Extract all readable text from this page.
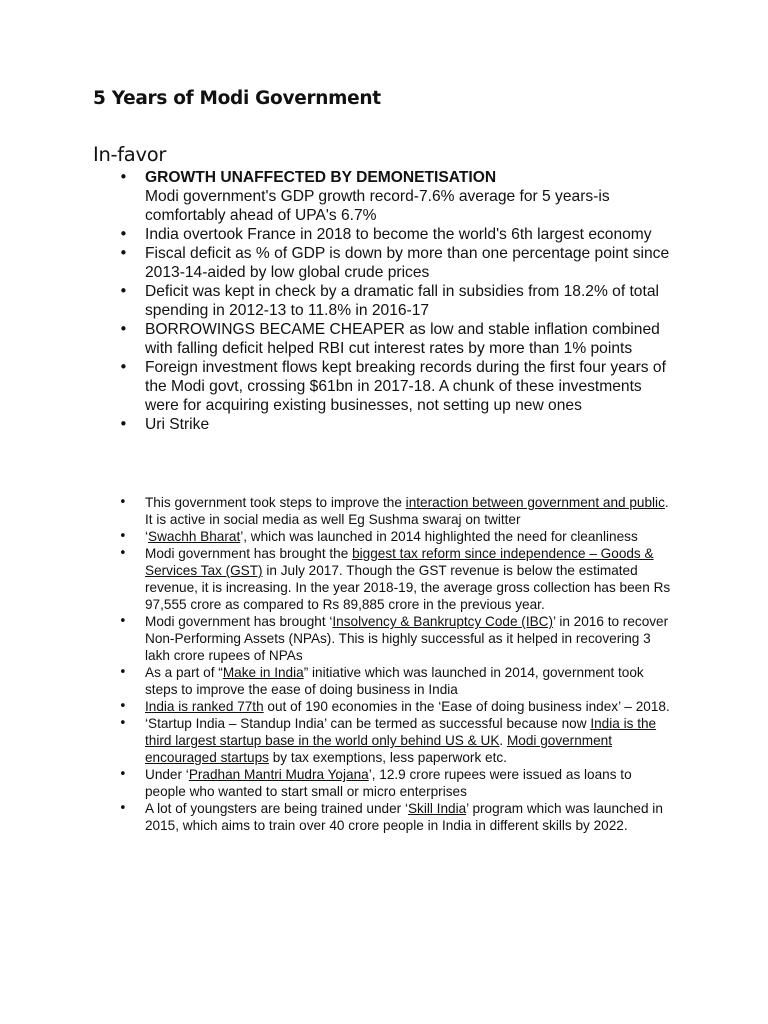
5 Years of Modi Government
In-favor
• GROWTH UNAFFECTED BY DEMONETISATION
Modi government's GDP growth record-7.6% average for 5 years-is comfortably ahead of UPA's 6.7%
• India overtook France in 2018 to become the world's 6th largest economy
• Fiscal deficit as % of GDP is down by more than one percentage point since 2013-14-aided by low global crude prices
• Deficit was kept in check by a dramatic fall in subsidies from 18.2% of total spending in 2012-13 to 11.8% in 2016-17
• BORROWINGS BECAME CHEAPER as low and stable inflation combined with falling deficit helped RBI cut interest rates by more than 1% points
• Foreign investment flows kept breaking records during the first four years of the Modi govt, crossing $61bn in 2017-18. A chunk of these investments were for acquiring existing businesses, not setting up new ones
• Uri Strike
• This government took steps to improve the interaction between government and public. It is active in social media as well Eg Sushma swaraj on twitter
• ‘Swachh Bharat’, which was launched in 2014 highlighted the need for cleanliness
• Modi government has brought the biggest tax reform since independence – Goods & Services Tax (GST) in July 2017. Though the GST revenue is below the estimated revenue, it is increasing. In the year 2018-19, the average gross collection has been Rs 97,555 crore as compared to Rs 89,885 crore in the previous year.
• Modi government has brought ‘Insolvency & Bankruptcy Code (IBC)’ in 2016 to recover Non-Performing Assets (NPAs). This is highly successful as it helped in recovering 3 lakh crore rupees of NPAs
• As a part of “Make in India” initiative which was launched in 2014, government took steps to improve the ease of doing business in India
• India is ranked 77th out of 190 economies in the ‘Ease of doing business index’ – 2018.
• ‘Startup India – Standup India’ can be termed as successful because now India is the third largest startup base in the world only behind US & UK. Modi government encouraged startups by tax exemptions, less paperwork etc.
• Under ‘Pradhan Mantri Mudra Yojana’, 12.9 crore rupees were issued as loans to people who wanted to start small or micro enterprises
• A lot of youngsters are being trained under ‘Skill India’ program which was launched in 2015, which aims to train over 40 crore people in India in different skills by 2022.
